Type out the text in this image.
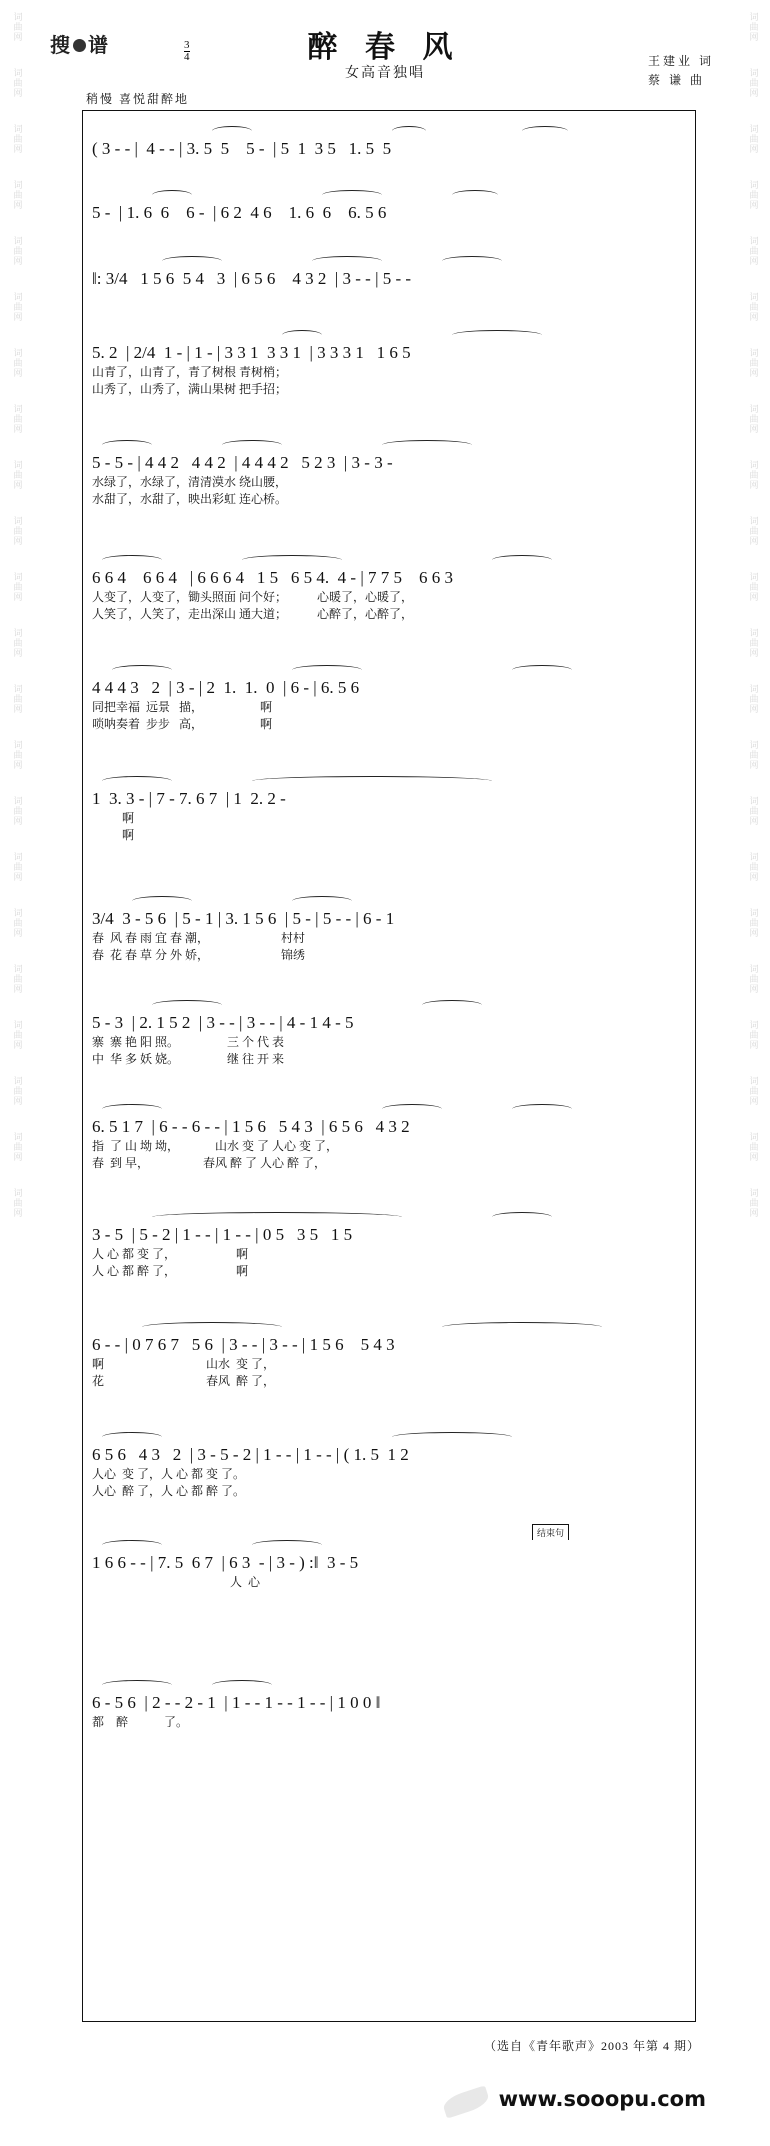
词曲网
词曲网
词曲网
词曲网
词曲网
词曲网
词曲网
词曲网
词曲网
词曲网
词曲网
词曲网
词曲网
词曲网
词曲网
词曲网
词曲网
词曲网
词曲网
词曲网
词曲网
词曲网
词曲网
词曲网
词曲网
词曲网
词曲网
词曲网
词曲网
词曲网
词曲网
词曲网
词曲网
词曲网
词曲网
词曲网
词曲网
词曲网
词曲网
词曲网
词曲网
词曲网
词曲网
词曲网
搜 谱	$\frac{3}{4}$	醉 春 风
女高音独唱
王建业 词
蔡 谦 曲
稍慢 喜悦甜醉地
( 3 - - |  4 - - | 3. 5  5    5 -  | 5  1  3 5   1. 5  5
5 -  | 1. 6  6    6 -  | 6 2  4 6    1. 6  6    6. 5 6
‖: 3/4   1 5 6  5 4   3  | 6 5 6    4 3 2  | 3 - - | 5 - -
5. 2  | 2/4  1 - | 1 - | 3 3 1  3 3 1  | 3 3 3 1   1 6 5
山青了，山青了，青了树根 青树梢；
山秀了，山秀了，满山果树 把手招；
5 - 5 - | 4 4 2   4 4 2  | 4 4 4 2   5 2 3  | 3 - 3 -
水绿了，水绿了，清清漠水 绕山腰，
水甜了，水甜了，映出彩虹 连心桥。
6 6 4    6 6 4   | 6 6 6 4   1 5   6 5 4.  4 - | 7 7 5    6 6 3
人变了，人变了，锄头照面 问个好；          心暖了，心暖了，
人笑了，人笑了，走出深山 通大道；          心醉了，心醉了，
4 4 4 3   2  | 3 - | 2  1.  1.  0  | 6 - | 6. 5 6
同把幸福  远景   描，                   啊
唢呐奏着  步步   高，                   啊
1  3. 3 - | 7 - 7. 6 7  | 1  2. 2 -
啊
啊
3/4  3 - 5 6  | 5 - 1 | 3. 1 5 6  | 5 - | 5 - - | 6 - 1
春  风 春 雨 宜 春 潮，                        村村
春  花 春 草 分 外 娇，                        锦绣
5 - 3  | 2. 1 5 2  | 3 - - | 3 - - | 4 - 1 4 - 5
寨  寨 艳 阳 照。                三 个 代 表
中  华 多 妖 娆。                继 往 开 来
6. 5 1 7  | 6 - - 6 - - | 1 5 6   5 4 3  | 6 5 6   4 3 2
指  了 山 坳 坳，            山水 变 了 人心 变 了，
春  到 早，                  春风 醉 了 人心 醉 了，
3 - 5  | 5 - 2 | 1 - - | 1 - - | 0 5   3 5   1 5
人 心 都 变 了，                    啊
人 心 都 醉 了，                    啊
6 - - | 0 7 6 7   5 6  | 3 - - | 3 - - | 1 5 6    5 4 3
啊                                  山水  变 了，
花                                  春风  醉 了，
6 5 6   4 3   2  | 3 - 5 - 2 | 1 - - | 1 - - | ( 1. 5  1 2
人心  变 了，人 心 都 变 了。
人心  醉 了，人 心 都 醉 了。
结束句
1 6 6 - - | 7. 5  6 7  | 6 3  - | 3 - ) :‖  3 - 5
人  心
6 - 5 6  | 2 - - 2 - 1  | 1 - - 1 - - 1 - - | 1 0 0 ‖
都    醉            了。
（选自《青年歌声》2003 年第 4 期）
www.sooopu.com
